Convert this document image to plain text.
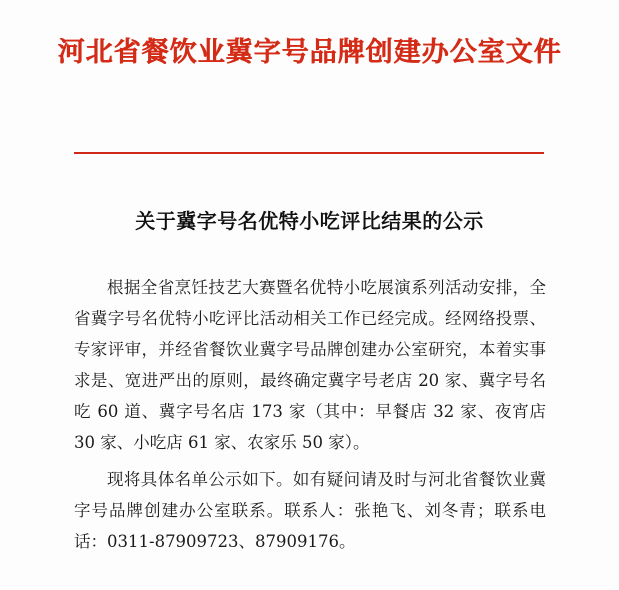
河北省餐饮业冀字号品牌创建办公室文件
关于冀字号名优特小吃评比结果的公示

根据全省烹饪技艺大赛暨名优特小吃展演系列活动安排，全省冀字号名优特小吃评比活动相关工作已经完成。经网络投票、专家评审，并经省餐饮业冀字号品牌创建办公室研究，本着实事求是、宽进严出的原则，最终确定冀字号老店 20 家、冀字号名吃 60 道、冀字号名店 173 家（其中：早餐店 32 家、夜宵店 30 家、小吃店 61 家、农家乐 50 家）。

现将具体名单公示如下。如有疑问请及时与河北省餐饮业冀字号品牌创建办公室联系。联系人：张艳飞、刘冬青；联系电话：0311-87909723、87909176。
